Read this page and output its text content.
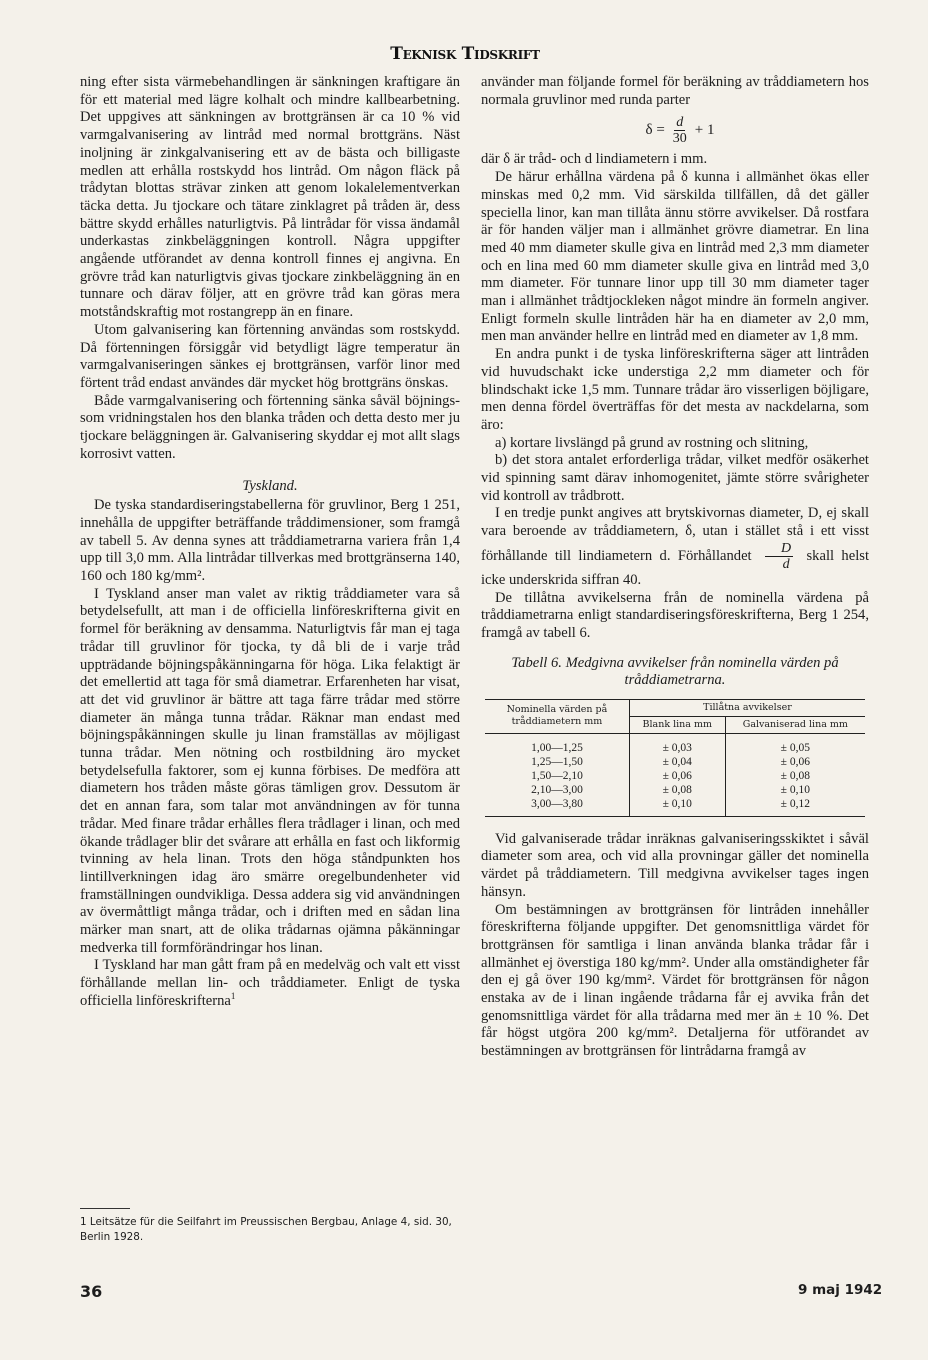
Teknisk Tidskrift

ning efter sista värmebehandlingen är sänkningen kraftigare än för ett material med lägre kolhalt och mindre kallbearbetning. Det uppgives att sänkningen av brottgränsen är ca 10 % vid varmgalvanisering av lintråd med normal brottgräns. Näst inoljning är zinkgalvanisering ett av de bästa och billigaste medlen att erhålla rostskydd hos lintråd. Om någon fläck på trådytan blottas strävar zinken att genom lokalelementverkan täcka detta. Ju tjockare och tätare zinklagret på tråden är, dess bättre skydd erhålles naturligtvis. På lintrådar för vissa ändamål underkastas zinkbeläggningen kontroll. Några uppgifter angående utförandet av denna kontroll finnes ej angivna. En grövre tråd kan naturligtvis givas tjockare zinkbeläggning än en tunnare och därav följer, att en grövre tråd kan göras mera motståndskraftig mot rostangrepp än en finare.

Utom galvanisering kan förtenning användas som rostskydd. Då förtenningen försiggår vid betydligt lägre temperatur än varmgalvaniseringen sänkes ej brottgränsen, varför linor med förtent tråd endast användes där mycket hög brottgräns önskas.

Både varmgalvanisering och förtenning sänka såväl böjnings- som vridningstalen hos den blanka tråden och detta desto mer ju tjockare beläggningen är. Galvanisering skyddar ej mot allt slags korrosivt vatten.

Tyskland.

De tyska standardiseringstabellerna för gruvlinor, Berg 1 251, innehålla de uppgifter beträffande tråddimensioner, som framgå av tabell 5. Av denna synes att tråddiametrarna variera från 1,4 upp till 3,0 mm. Alla lintrådar tillverkas med brottgränserna 140, 160 och 180 kg/mm².

I Tyskland anser man valet av riktig tråddiameter vara så betydelsefullt, att man i de officiella linföreskrifterna givit en formel för beräkning av densamma. Naturligtvis får man ej taga trådar till gruvlinor för tjocka, ty då bli de i varje tråd uppträdande böjningspåkänningarna för höga. Lika felaktigt är det emellertid att taga för små diametrar. Erfarenheten har visat, att det vid gruvlinor är bättre att taga färre trådar med större diameter än många tunna trådar. Räknar man endast med böjningspåkänningen skulle ju linan framställas av möjligast tunna trådar. Men nötning och rostbildning äro mycket betydelsefulla faktorer, som ej kunna förbises. De medföra att diametern hos tråden måste göras tämligen grov. Dessutom är det en annan fara, som talar mot användningen av för tunna trådar. Med finare trådar erhålles flera trådlager i linan, och med ökande trådlager blir det svårare att erhålla en fast och likformig tvinning av hela linan. Trots den höga ståndpunkten hos lintillverkningen idag äro smärre oregelbundenheter vid framställningen oundvikliga. Dessa addera sig vid användningen av övermåttligt många trådar, och i driften med en sådan lina märker man snart, att de olika trådarnas ojämna påkänningar medverka till formförändringar hos linan.

I Tyskland har man gått fram på en medelväg och valt ett visst förhållande mellan lin- och tråddiameter. Enligt de tyska officiella linföreskrifterna$^1$

1 Leitsätze für die Seilfahrt im Preussischen Bergbau, Anlage 4, sid. 30, Berlin 1928.

använder man följande formel för beräkning av tråddiametern hos normala gruvlinor med runda parter

$\delta = \frac{d}{30} + 1$

där δ är tråd- och d lindiametern i mm.

De härur erhållna värdena på δ kunna i allmänhet ökas eller minskas med 0,2 mm. Vid särskilda tillfällen, då det gäller speciella linor, kan man tillåta ännu större avvikelser. Då rostfara är för handen väljer man i allmänhet grövre diametrar. En lina med 40 mm diameter skulle giva en lintråd med 2,3 mm diameter och en lina med 60 mm diameter skulle giva en lintråd med 3,0 mm diameter. För tunnare linor upp till 30 mm diameter tager man i allmänhet trådtjockleken något mindre än formeln angiver. Enligt formeln skulle lintråden här ha en diameter av 2,0 mm, men man använder hellre en lintråd med en diameter av 1,8 mm.

En andra punkt i de tyska linföreskrifterna säger att lintråden vid huvudschakt icke understiga 2,2 mm diameter och för blindschakt icke 1,5 mm. Tunnare trådar äro visserligen böjligare, men denna fördel överträffas för det mesta av nackdelarna, som äro:

a) kortare livslängd på grund av rostning och slitning,

b) det stora antalet erforderliga trådar, vilket medför osäkerhet vid spinning samt därav inhomogenitet, jämte större svårigheter vid kontroll av trådbrott.

I en tredje punkt angives att brytskivornas diameter, D, ej skall vara beroende av tråddiametern, δ, utan i stället stå i ett visst förhållande till lindiametern d. Förhållandet $\frac{D}{d}$ skall helst icke underskrida siffran 40.

De tillåtna avvikelserna från de nominella värdena på tråddiametrarna enligt standardiseringsföreskrifterna, Berg 1 254, framgå av tabell 6.

Tabell 6. Medgivna avvikelser från nominella värden på tråddiametrarna.
Nominella värden på tråddiametern mm	Tillåtna avvikelser	
	Blank lina mm	Galvaniserad lina mm
1,00—1,25	± 0,03	± 0,05
1,25—1,50	± 0,04	± 0,06
1,50—2,10	± 0,06	± 0,08
2,10—3,00	± 0,08	± 0,10
3,00—3,80	± 0,10	± 0,12

Vid galvaniserade trådar inräknas galvaniseringsskiktet i såväl diameter som area, och vid alla provningar gäller det nominella värdet på tråddiametern. Till medgivna avvikelser tages ingen hänsyn.

Om bestämningen av brottgränsen för lintråden innehåller föreskrifterna följande uppgifter. Det genomsnittliga värdet för brottgränsen för samtliga i linan använda blanka trådar får i allmänhet ej överstiga 180 kg/mm². Under alla omständigheter får den ej gå över 190 kg/mm². Värdet för brottgränsen för någon enstaka av de i linan ingående trådarna får ej avvika från det genomsnittliga värdet för alla trådarna med mer än ± 10 %. Det får högst utgöra 200 kg/mm². Detaljerna för utförandet av bestämningen av brottgränsen för lintrådarna framgå av

36	9 maj 1942
